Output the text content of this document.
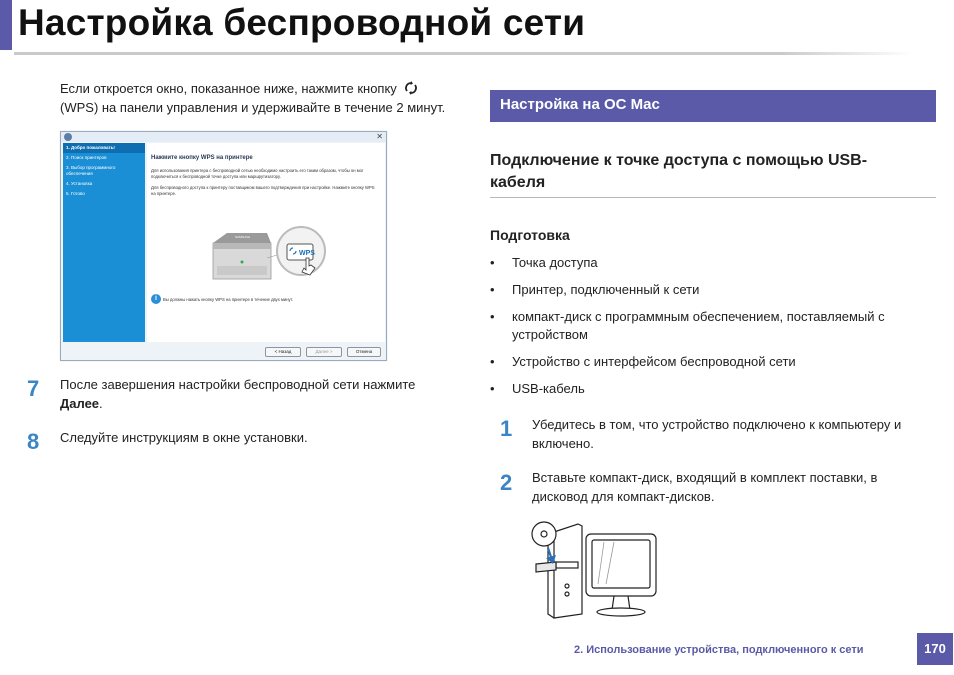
Настройка беспроводной сети
Если откроется окно, показанное ниже, нажмите кнопку
(WPS) на панели управления и удерживайте в течение 2 минут.
✕
1. Добро пожаловать!
2. Поиск принтеров
3. Выбор программного обеспечения
4. Установка
5. Готово
Нажмите кнопку WPS на принтере
Для использования принтера с беспроводной сетью необходимо настроить его таким образом, чтобы он мог подключиться к беспроводной точке доступа или маршрутизатору.
Для беспроводного доступа к принтеру поставщиком вашего подтверждения при настройке. Нажмите кнопку WPS на принтере.
SAMSUNG
WPS
i	Вы должны нажать кнопку WPS на принтере в течение двух минут.
< Назад	Далее >	Отмена
7 После завершения настройки беспроводной сети нажмите
Далее.
8 Следуйте инструкциям в окне установки.
Настройка на ОС Mac
Подключение к точке доступа с помощью USB-кабеля
Подготовка
• Точка доступа
• Принтер, подключенный к сети
• компакт-диск с программным обеспечением, поставляемый с устройством
• Устройство с интерфейсом беспроводной сети
• USB-кабель
1 Убедитесь в том, что устройство подключено к компьютеру и включено.
2 Вставьте компакт-диск, входящий в комплект поставки, в дисковод для компакт-дисков.
2. Использование устройства, подключенного к сети	170
